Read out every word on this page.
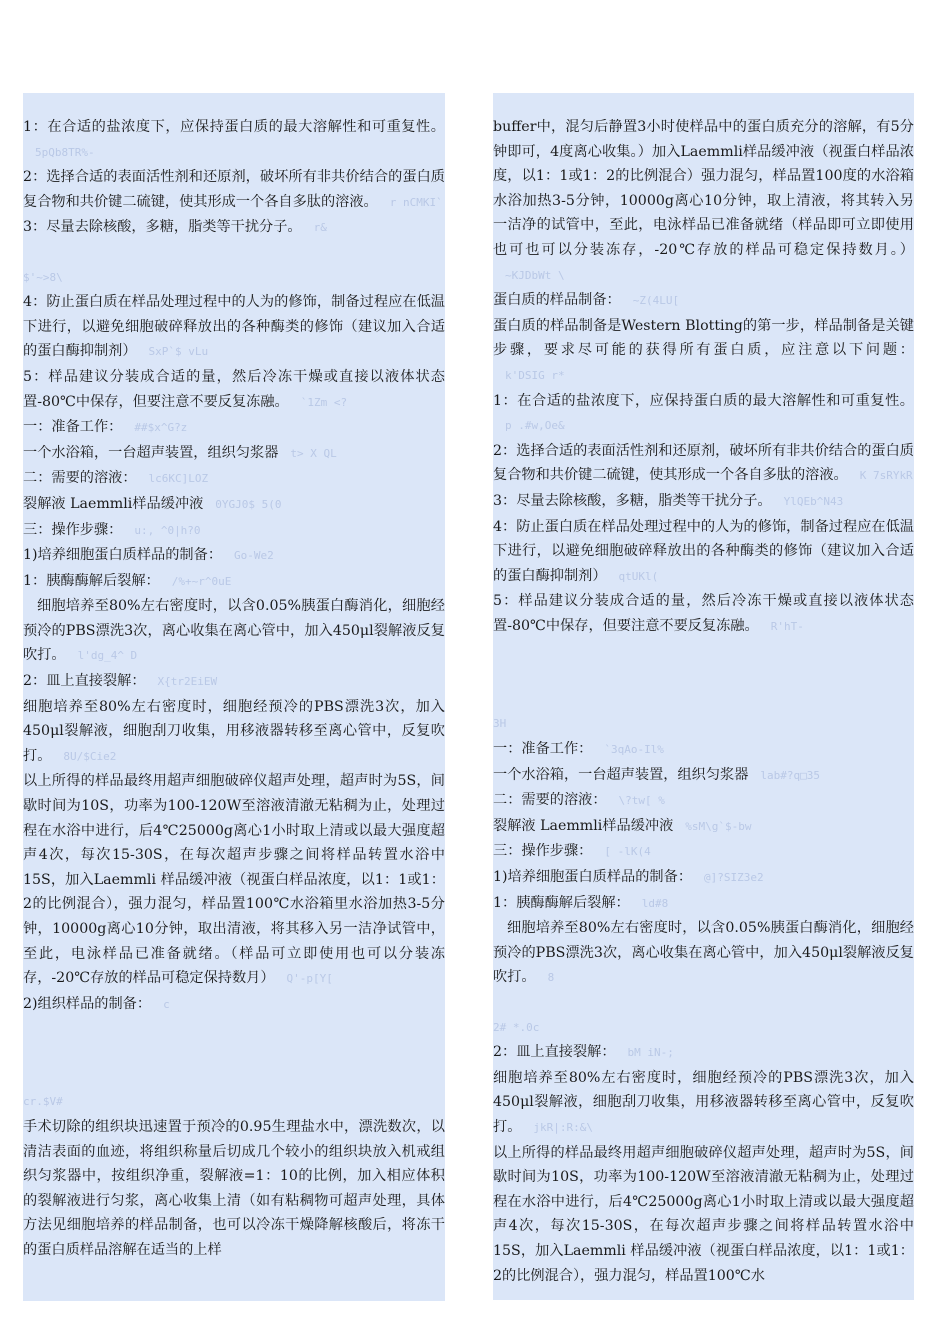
1：在合适的盐浓度下，应保持蛋白质的最大溶解性和可重复性。5pQb8TR%-

2：选择合适的表面活性剂和还原剂，破坏所有非共价结合的蛋白质复合物和共价键二硫键，使其形成一个各自多肽的溶液。 r nCMKI`

3：尽量去除核酸，多糖，脂类等干扰分子。 r&

$'~>8\

4：防止蛋白质在样品处理过程中的人为的修饰，制备过程应在低温下进行，以避免细胞破碎释放出的各种酶类的修饰（建议加入合适的蛋白酶抑制剂） SxP`$ vLu

5：样品建议分装成合适的量，然后冷冻干燥或直接以液体状态置-80℃中保存，但要注意不要反复冻融。 `1Zm <?

一：准备工作： ##$x^G?z

一个水浴箱，一台超声装置，组织匀浆器 t> X QL

二：需要的溶液： lc6KC]LOZ

裂解液 Laemmli样品缓冲液 0YGJ0$ 5(0

三：操作步骤： u:, ^0|h?0

1)培养细胞蛋白质样品的制备： Go-We2

1：胰酶酶解后裂解： /%+~r^0uE

细胞培养至80%左右密度时，以含0.05%胰蛋白酶消化，细胞经预冷的PBS漂洗3次，离心收集在离心管中，加入450μl裂解液反复吹打。 l'dg_4^ D

2：皿上直接裂解： X{tr2EiEW

细胞培养至80%左右密度时，细胞经预冷的PBS漂洗3次，加入450μl裂解液，细胞刮刀收集，用移液器转移至离心管中，反复吹打。 8U/$Cie2

以上所得的样品最终用超声细胞破碎仪超声处理，超声时为5S，间歇时间为10S，功率为100-120W至溶液清澈无粘稠为止，处理过程在水浴中进行，后4℃25000g离心1小时取上清或以最大强度超声4次，每次15-30S，在每次超声步骤之间将样品转置水浴中15S，加入Laemmli 样品缓冲液（视蛋白样品浓度，以1：1或1：2的比例混合），强力混匀，样品置100℃水浴箱里水浴加热3-5分钟，10000g离心10分钟，取出清液，将其移入另一洁净试管中，至此，电泳样品已准备就绪。（样品可立即使用也可以分装冻存，-20℃存放的样品可稳定保持数月） Q'-p[Y[

2)组织样品的制备： c

cr.$V#

手术切除的组织块迅速置于预冷的0.95生理盐水中，漂洗数次，以清洁表面的血迹，将组织称量后切成几个较小的组织块放入机戒组织匀浆器中，按组织净重，裂解液=1：10的比例，加入相应体积的裂解液进行匀浆，离心收集上清（如有粘稠物可超声处理，具体方法见细胞培养的样品制备，也可以冷冻干燥降解核酸后，将冻干的蛋白质样品溶解在适当的上样

buffer中，混匀后静置3小时使样品中的蛋白质充分的溶解，有5分钟即可，4度离心收集。）加入Laemmli样品缓冲液（视蛋白样品浓度，以1：1或1：2的比例混合）强力混匀，样品置100度的水浴箱水浴加热3-5分钟，10000g离心10分钟，取上清液，将其转入另一洁净的试管中，至此，电泳样品已准备就绪（样品即可立即使用也可也可以分装冻存，-20℃存放的样品可稳定保持数月。）~KJDbWt \

蛋白质的样品制备： ~Z(4LU[

蛋白质的样品制备是Western Blotting的第一步，样品制备是关键步骤，要求尽可能的获得所有蛋白质，应注意以下问题：k'DSIG r*

1：在合适的盐浓度下，应保持蛋白质的最大溶解性和可重复性。p .#w,Oe&

2：选择合适的表面活性剂和还原剂，破坏所有非共价结合的蛋白质复合物和共价键二硫键，使其形成一个各自多肽的溶液。 K 7sRYkR

3：尽量去除核酸，多糖，脂类等干扰分子。 YlQEb^N43

4：防止蛋白质在样品处理过程中的人为的修饰，制备过程应在低温下进行，以避免细胞破碎释放出的各种酶类的修饰（建议加入合适的蛋白酶抑制剂） qtUKl(

5：样品建议分装成合适的量，然后冷冻干燥或直接以液体状态置-80℃中保存，但要注意不要反复冻融。 R'hT-

3H

一：准备工作： `3qAo-Il%

一个水浴箱，一台超声装置，组织匀浆器 lab#?q□35

二：需要的溶液： \?tw[ %

裂解液 Laemmli样品缓冲液 %sM\g`$-bw

三：操作步骤： [ -lK(4

1)培养细胞蛋白质样品的制备： @]?SIZ3e2

1：胰酶酶解后裂解： ld#8

细胞培养至80%左右密度时，以含0.05%胰蛋白酶消化，细胞经预冷的PBS漂洗3次，离心收集在离心管中，加入450μl裂解液反复吹打。 8

2# *.0c

2：皿上直接裂解： bM iN-;

细胞培养至80%左右密度时，细胞经预冷的PBS漂洗3次，加入450μl裂解液，细胞刮刀收集，用移液器转移至离心管中，反复吹打。 jkR|:R:&\

以上所得的样品最终用超声细胞破碎仪超声处理，超声时为5S，间歇时间为10S，功率为100-120W至溶液清澈无粘稠为止，处理过程在水浴中进行，后4℃25000g离心1小时取上清或以最大强度超声4次，每次15-30S，在每次超声步骤之间将样品转置水浴中15S，加入Laemmli 样品缓冲液（视蛋白样品浓度，以1：1或1：2的比例混合），强力混匀，样品置100℃水
